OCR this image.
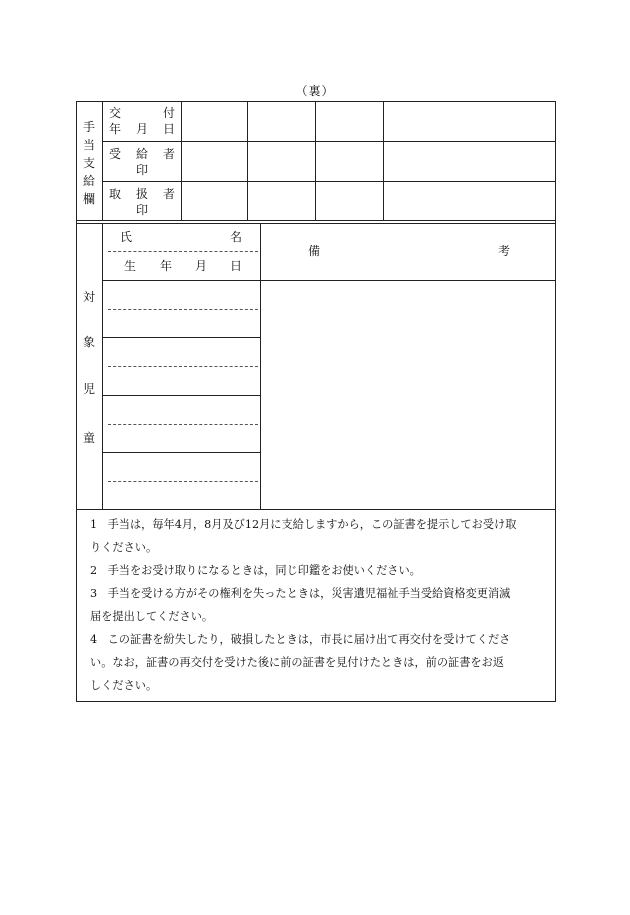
（裏）
手
当
支
給
欄
交	付
年 月 日
受 給 者
印
取 扱 者
印
氏	名
生 年 月 日
備	考
対
象
児
童
1 手当は，毎年4月，8月及び12月に支給しますから，この証書を提示してお受け取
りください。
2 手当をお受け取りになるときは，同じ印鑑をお使いください。
3 手当を受ける方がその権利を失ったときは，災害遺児福祉手当受給資格変更消滅
届を提出してください。
4 この証書を紛失したり，破損したときは，市長に届け出て再交付を受けてくださ
い。なお，証書の再交付を受けた後に前の証書を見付けたときは，前の証書をお返
しください。
